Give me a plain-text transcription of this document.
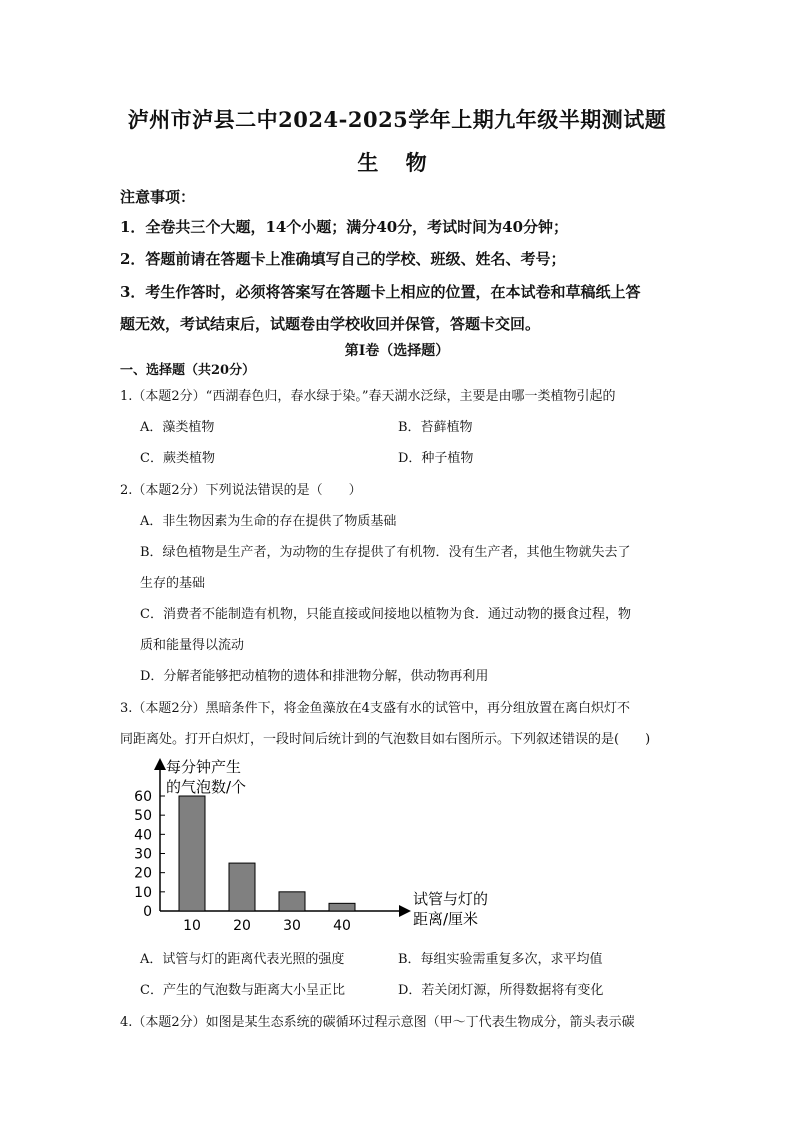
泸州市泸县二中2024-2025学年上期九年级半期测试题
生 物
注意事项：
1．全卷共三个大题，14个小题；满分40分，考试时间为40分钟；
2．答题前请在答题卡上准确填写自己的学校、班级、姓名、考号；
3．考生作答时，必须将答案写在答题卡上相应的位置，在本试卷和草稿纸上答
题无效，考试结束后，试题卷由学校收回并保管，答题卡交回。
第Ⅰ卷（选择题）
一、选择题（共20分）
1.（本题2分）“西湖春色归，春水绿于染。”春天湖水泛绿，主要是由哪一类植物引起的
A．藻类植物	B．苔藓植物
C．蕨类植物	D．种子植物
2.（本题2分）下列说法错误的是（　　）
A．非生物因素为生命的存在提供了物质基础
B．绿色植物是生产者，为动物的生存提供了有机物．没有生产者，其他生物就失去了
生存的基础
C．消费者不能制造有机物，只能直接或间接地以植物为食．通过动物的摄食过程，物
质和能量得以流动
D．分解者能够把动植物的遗体和排泄物分解，供动物再利用
3.（本题2分）黑暗条件下，将金鱼藻放在4支盛有水的试管中，再分组放置在离白炽灯不
同距离处。打开白炽灯，一段时间后统计到的气泡数目如右图所示。下列叙述错误的是(　　)
0
10
20
30
40
50
60
10 20 30 40
每分钟产生
的气泡数/个
试管与灯的
距离/厘米
A．试管与灯的距离代表光照的强度	B．每组实验需重复多次，求平均值
C．产生的气泡数与距离大小呈正比	D．若关闭灯源，所得数据将有变化
4.（本题2分）如图是某生态系统的碳循环过程示意图（甲～丁代表生物成分，箭头表示碳
